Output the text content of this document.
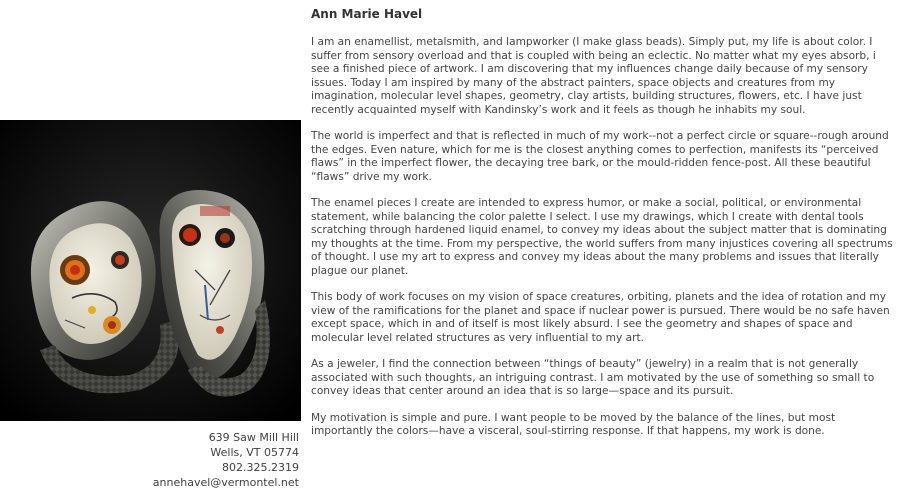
639 Saw Mill Hill
Wells, VT 05774
802.325.2319
annehavel@vermontel.net
Ann Marie Havel

I am an enamellist, metalsmith, and lampworker (I make glass beads). Simply put, my life is about color. I suffer from sensory overload and that is coupled with being an eclectic. No matter what my eyes absorb, i see a finished piece of artwork. I am discovering that my influences change daily because of my sensory issues. Today I am inspired by many of the abstract painters, space objects and creatures from my imagination, molecular level shapes, geometry, clay artists, building structures, flowers, etc. I have just recently acquainted myself with Kandinsky’s work and it feels as though he inhabits my soul.

The world is imperfect and that is reflected in much of my work--not a perfect circle or square--rough around the edges. Even nature, which for me is the closest anything comes to perfection, manifests its “perceived flaws” in the imperfect flower, the decaying tree bark, or the mould-ridden fence-post. All these beautiful “flaws” drive my work.

The enamel pieces I create are intended to express humor, or make a social, political, or environmental statement, while balancing the color palette I select. I use my drawings, which I create with dental tools scratching through hardened liquid enamel, to convey my ideas about the subject matter that is dominating my thoughts at the time. From my perspective, the world suffers from many injustices covering all spectrums of thought. I use my art to express and convey my ideas about the many problems and issues that literally plague our planet.

This body of work focuses on my vision of space creatures, orbiting, planets and the idea of rotation and my view of the ramifications for the planet and space if nuclear power is pursued. There would be no safe haven except space, which in and of itself is most likely absurd. I see the geometry and shapes of space and molecular level related structures as very influential to my art.

As a jeweler, I find the connection between “things of beauty” (jewelry) in a realm that is not generally associated with such thoughts, an intriguing contrast. I am motivated by the use of something so small to convey ideas that center around an idea that is so large—space and its pursuit.

My motivation is simple and pure. I want people to be moved by the balance of the lines, but most importantly the colors—have a visceral, soul-stirring response. If that happens, my work is done.
